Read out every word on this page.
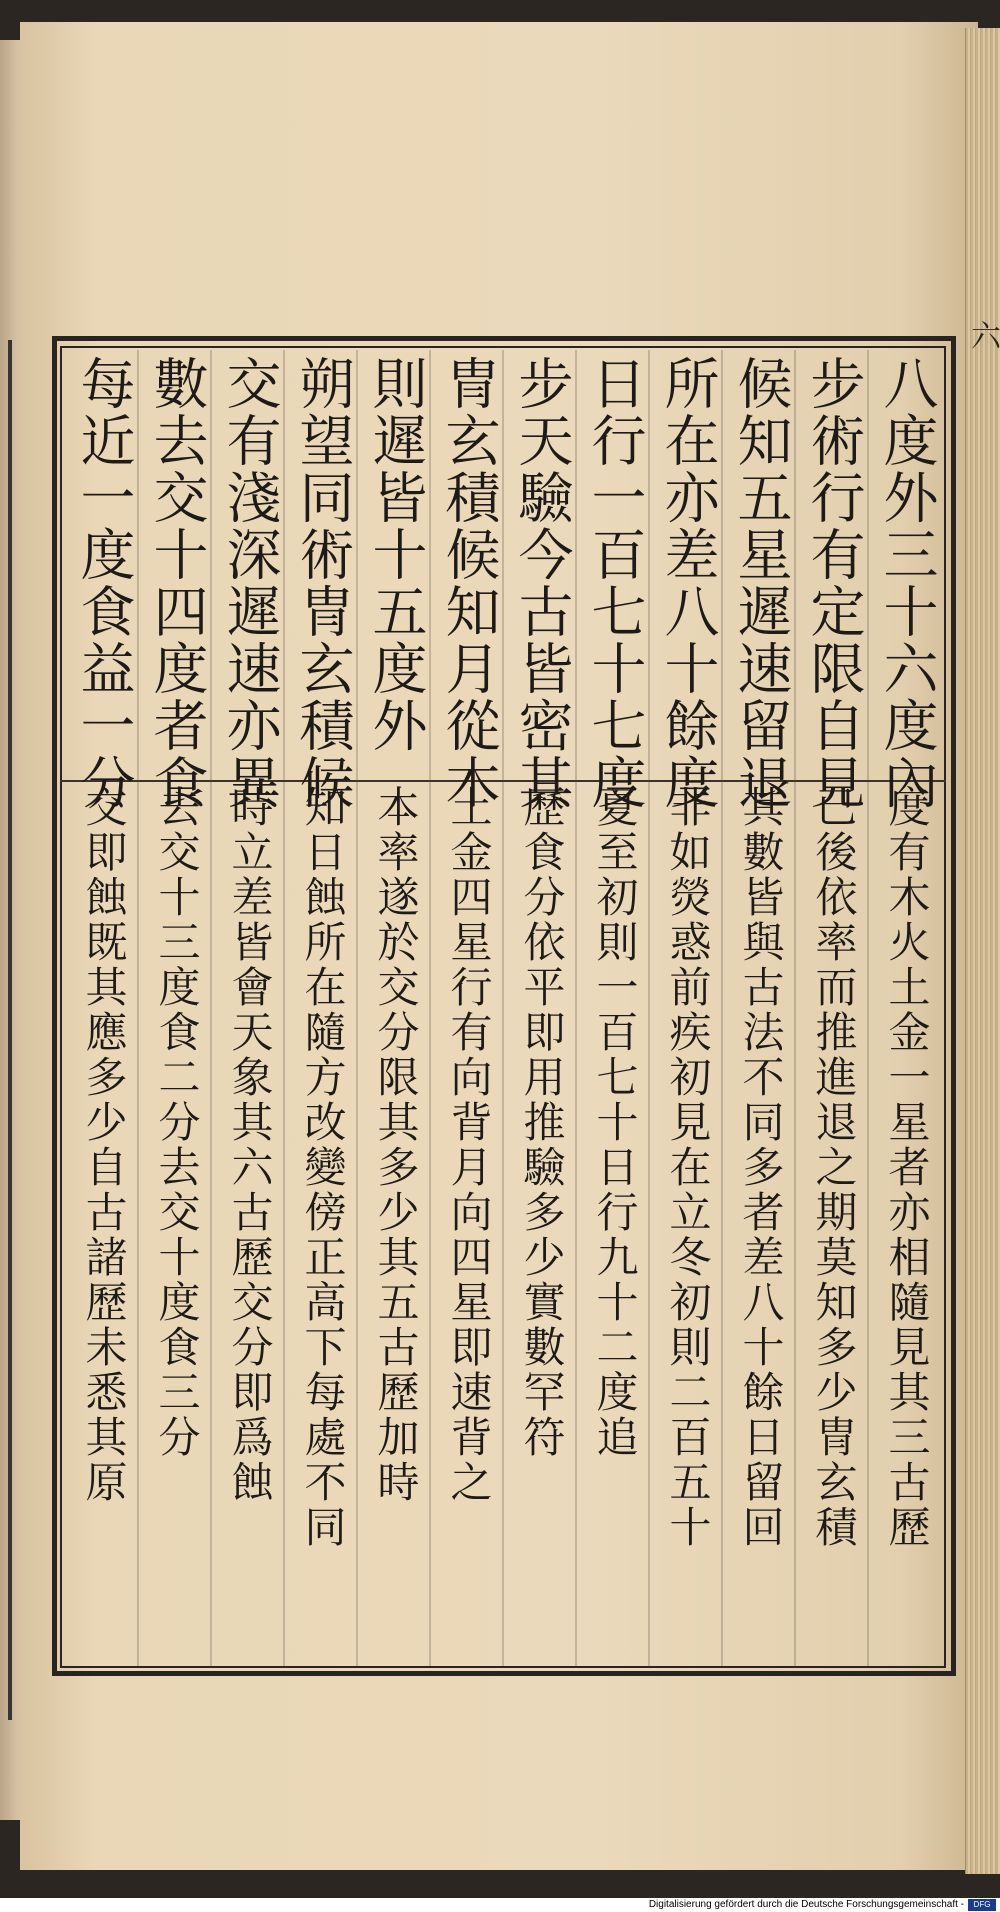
八度外三十六度內
步術行有定限自見
候知五星遲速留退
所在亦差八十餘度
日行一百七十七度
步天驗今古皆密其
冑玄積候知月從木
則遲皆十五度外
朔望同術冑玄積候
交有淺深遲速亦異
數去交十四度者食
每近一度食益一分
度有木火土金一星者亦相隨見其三古歷
已後依率而推進退之期莫知多少冑玄積
其數皆與古法不同多者差八十餘日留回
非如熒惑前疾初見在立冬初則二百五十
夏至初則一百七十日行九十二度追
歷食分依平即用推驗多少實數罕符
土金四星行有向背月向四星即速背之
本率遂於交分限其多少其五古歷加時
知日蝕所在隨方改變傍正高下每處不同
時立差皆會天象其六古歷交分即爲蝕
去交十三度食二分去交十度食三分
交即蝕既其應多少自古諸歷未悉其原
六
Digitalisierung gefördert durch die Deutsche Forschungsgemeinschaft -	DFG
